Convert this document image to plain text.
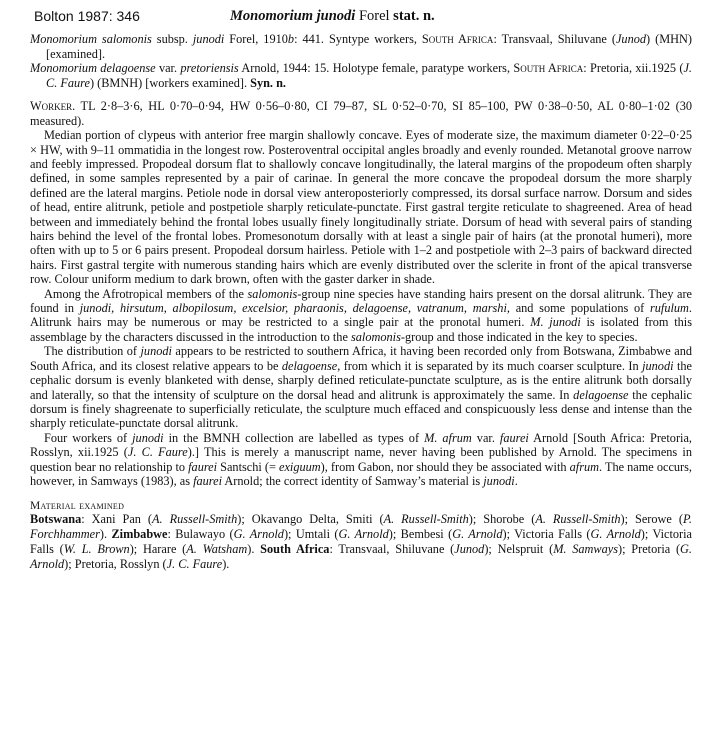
Bolton 1987: 346	Monomorium junodi Forel stat. n.

Monomorium salomonis subsp. junodi Forel, 1910b: 441. Syntype workers, South Africa: Transvaal, Shiluvane (Junod) (MHN) [examined].

Monomorium delagoense var. pretoriensis Arnold, 1944: 15. Holotype female, paratype workers, South Africa: Pretoria, xii.1925 (J. C. Faure) (BMNH) [workers examined]. Syn. n.

Worker. TL 2·8–3·6, HL 0·70–0·94, HW 0·56–0·80, CI 79–87, SL 0·52–0·70, SI 85–100, PW 0·38–0·50, AL 0·80–1·02 (30 measured).

Median portion of clypeus with anterior free margin shallowly concave. Eyes of moderate size, the maximum diameter 0·22–0·25 × HW, with 9–11 ommatidia in the longest row. Posteroventral occipital angles broadly and evenly rounded. Metanotal groove narrow and feebly impressed. Propodeal dorsum flat to shallowly concave longitudinally, the lateral margins of the propodeum often sharply defined, in some samples represented by a pair of carinae. In general the more concave the propodeal dorsum the more sharply defined are the lateral margins. Petiole node in dorsal view anteroposteriorly compressed, its dorsal surface narrow. Dorsum and sides of head, entire alitrunk, petiole and postpetiole sharply reticulate-punctate. First gastral tergite reticulate to shagreened. Area of head between and immediately behind the frontal lobes usually finely longitudinally striate. Dorsum of head with several pairs of standing hairs behind the level of the frontal lobes. Promesonotum dorsally with at least a single pair of hairs (at the pronotal humeri), more often with up to 5 or 6 pairs present. Propodeal dorsum hairless. Petiole with 1–2 and postpetiole with 2–3 pairs of backward directed hairs. First gastral tergite with numerous standing hairs which are evenly distributed over the sclerite in front of the apical transverse row. Colour uniform medium to dark brown, often with the gaster darker in shade.

Among the Afrotropical members of the salomonis-group nine species have standing hairs present on the dorsal alitrunk. They are found in junodi, hirsutum, albopilosum, excelsior, pharaonis, delagoense, vatranum, marshi, and some populations of rufulum. Alitrunk hairs may be numerous or may be restricted to a single pair at the pronotal humeri. M. junodi is isolated from this assemblage by the characters discussed in the introduction to the salomonis-group and those indicated in the key to species.

The distribution of junodi appears to be restricted to southern Africa, it having been recorded only from Botswana, Zimbabwe and South Africa, and its closest relative appears to be delagoense, from which it is separated by its much coarser sculpture. In junodi the cephalic dorsum is evenly blanketed with dense, sharply defined reticulate-punctate sculpture, as is the entire alitrunk both dorsally and laterally, so that the intensity of sculpture on the dorsal head and alitrunk is approximately the same. In delagoense the cephalic dorsum is finely shagreenate to superficially reticulate, the sculpture much effaced and conspicuously less dense and intense than the sharply reticulate-punctate dorsal alitrunk.

Four workers of junodi in the BMNH collection are labelled as types of M. afrum var. faurei Arnold [South Africa: Pretoria, Rosslyn, xii.1925 (J. C. Faure).] This is merely a manuscript name, never having been published by Arnold. The specimens in question bear no relationship to faurei Santschi (= exiguum), from Gabon, nor should they be associated with afrum. The name occurs, however, in Samways (1983), as faurei Arnold; the correct identity of Samway’s material is junodi.

Material examined

Botswana: Xani Pan (A. Russell-Smith); Okavango Delta, Smiti (A. Russell-Smith); Shorobe (A. Russell-Smith); Serowe (P. Forchhammer). Zimbabwe: Bulawayo (G. Arnold); Umtali (G. Arnold); Bembesi (G. Arnold); Victoria Falls (G. Arnold); Victoria Falls (W. L. Brown); Harare (A. Watsham). South Africa: Transvaal, Shiluvane (Junod); Nelspruit (M. Samways); Pretoria (G. Arnold); Pretoria, Rosslyn (J. C. Faure).
